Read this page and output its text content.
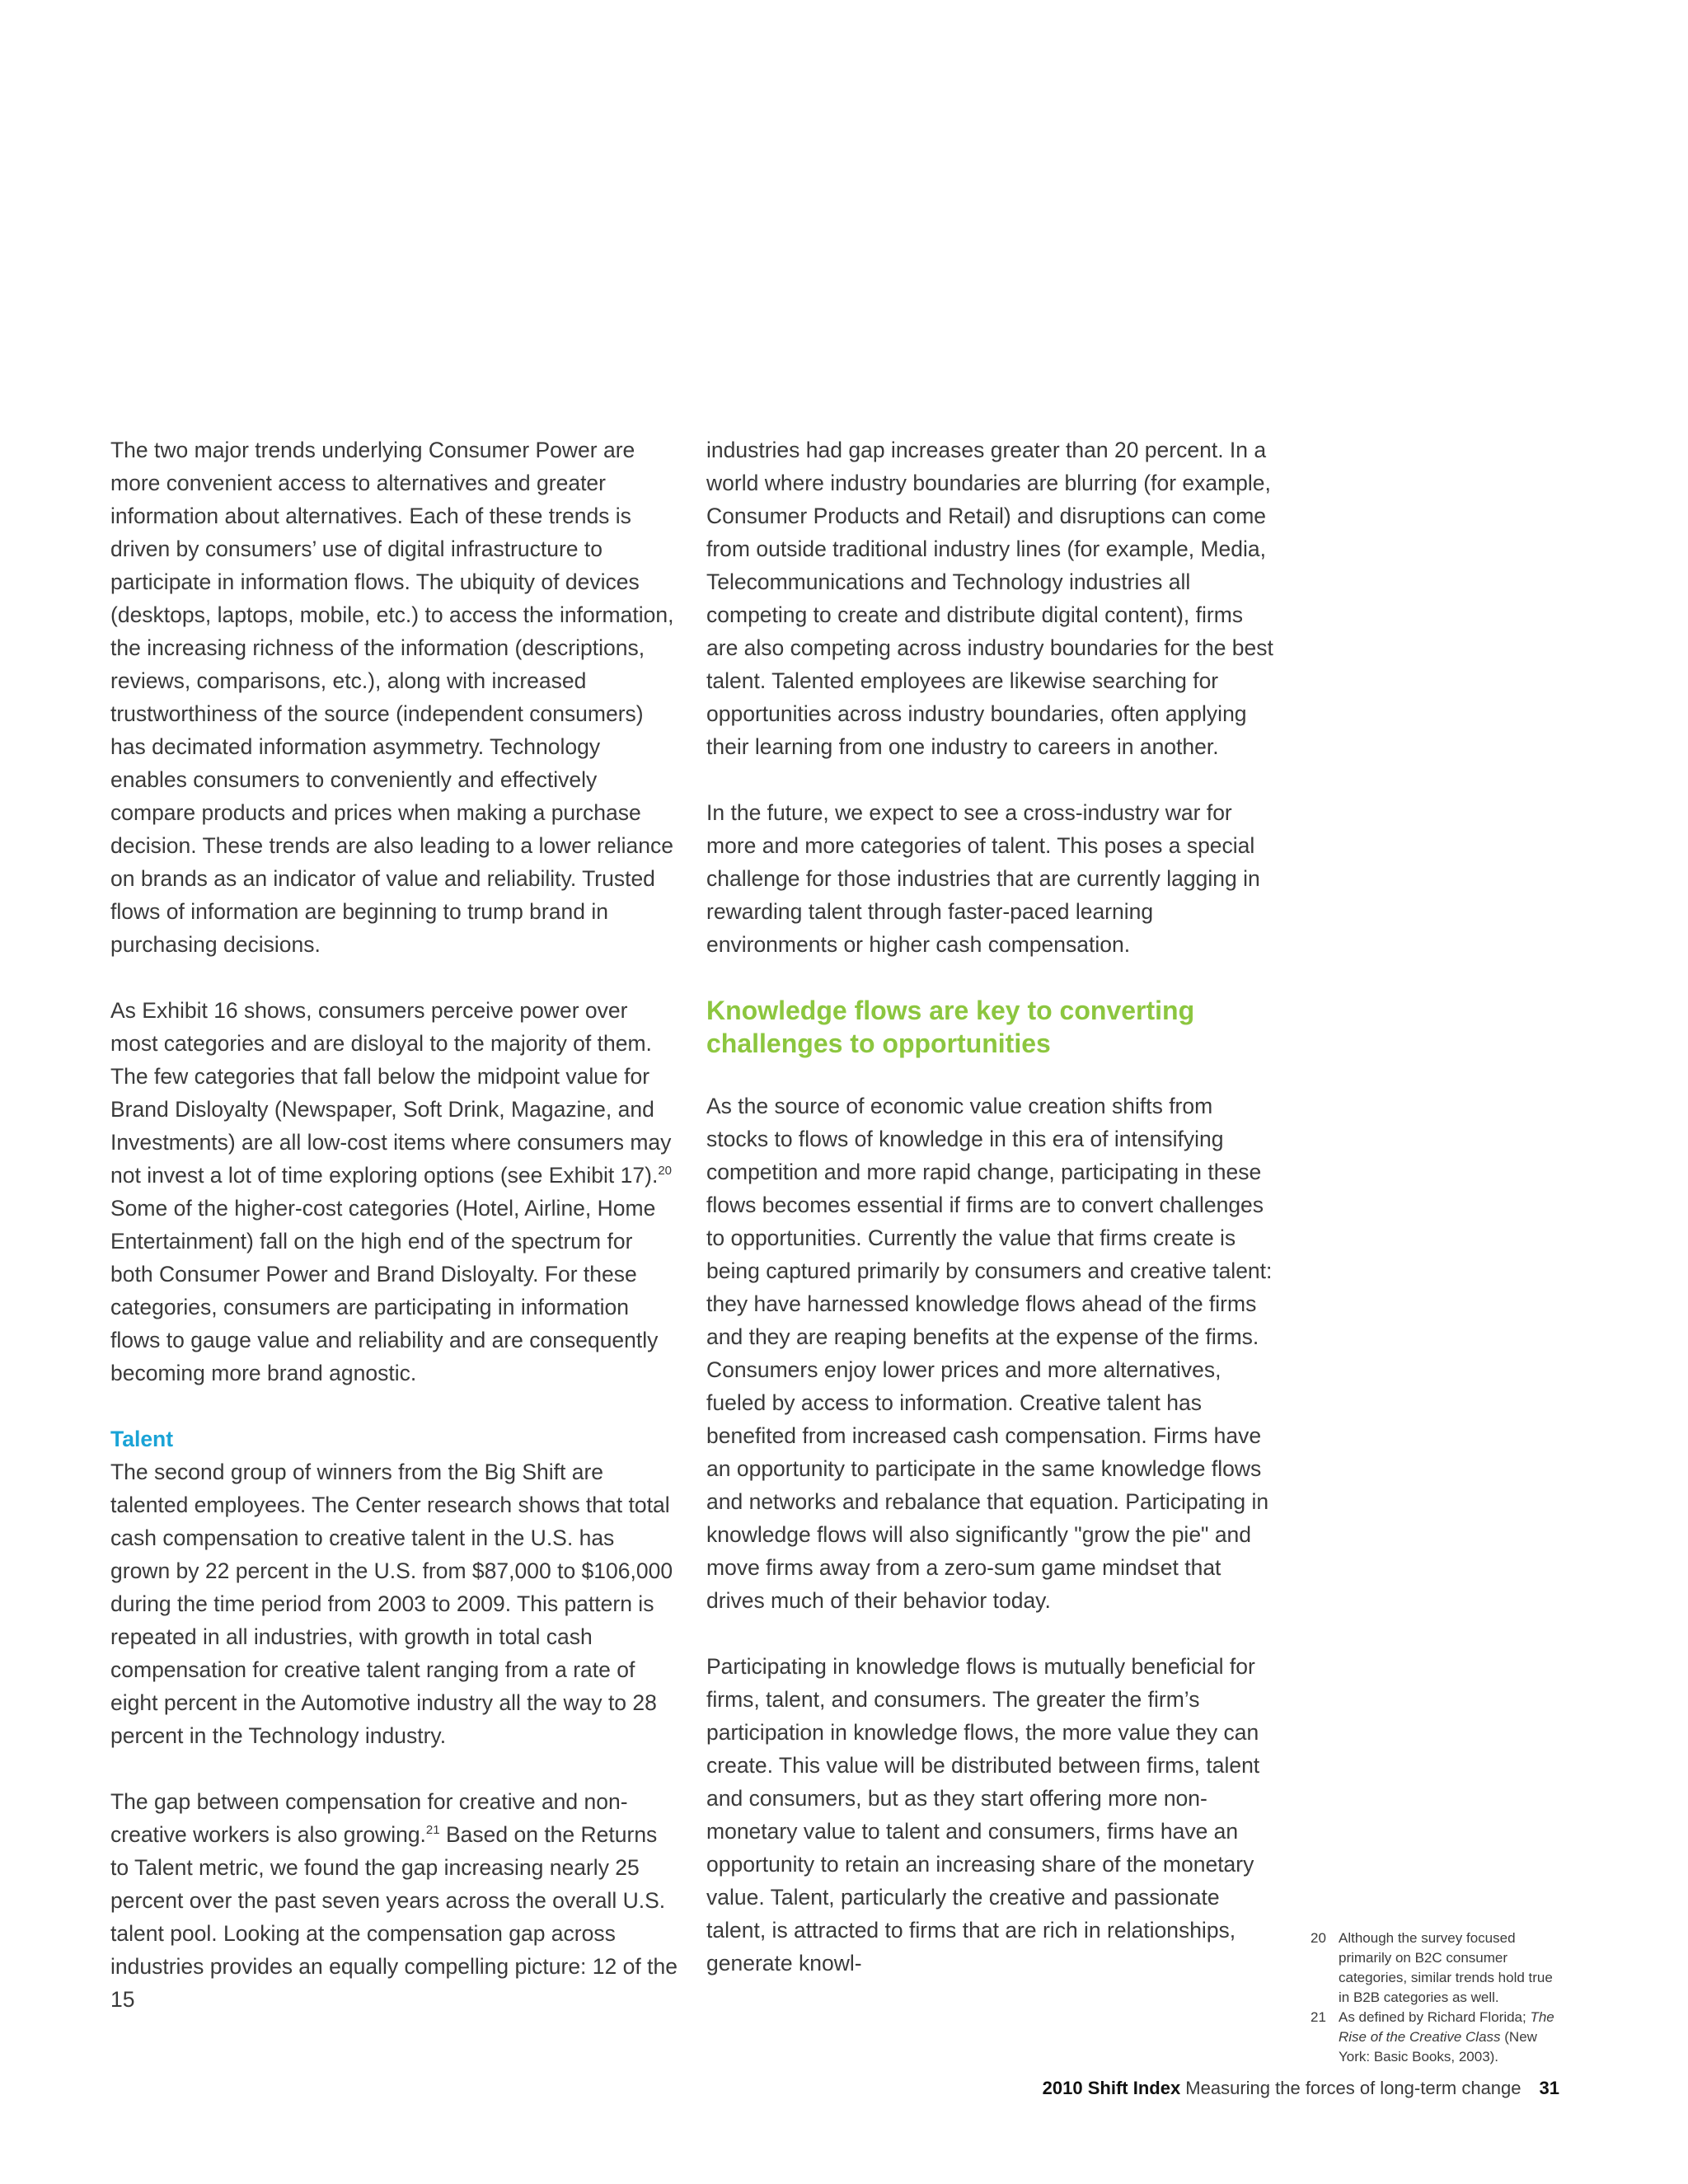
The two major trends underlying Consumer Power are more convenient access to alternatives and greater information about alternatives. Each of these trends is driven by consumers’ use of digital infrastructure to participate in information flows. The ubiquity of devices (desktops, laptops, mobile, etc.) to access the information, the increasing richness of the information (descriptions, reviews, comparisons, etc.), along with increased trustworthiness of the source (independent consumers) has decimated information asymmetry. Technology enables consumers to conveniently and effectively compare products and prices when making a purchase decision. These trends are also leading to a lower reliance on brands as an indicator of value and reliability. Trusted flows of information are beginning to trump brand in purchasing decisions.

As Exhibit 16 shows, consumers perceive power over most categories and are disloyal to the majority of them. The few categories that fall below the midpoint value for Brand Disloyalty (Newspaper, Soft Drink, Magazine, and Investments) are all low-cost items where consumers may not invest a lot of time exploring options (see Exhibit 17).$^{20}$ Some of the higher-cost categories (Hotel, Airline, Home Entertainment) fall on the high end of the spectrum for both Consumer Power and Brand Disloyalty. For these categories, consumers are participating in information flows to gauge value and reliability and are consequently becoming more brand agnostic.

Talent

The second group of winners from the Big Shift are talented employees. The Center research shows that total cash compensation to creative talent in the U.S. has grown by 22 percent in the U.S. from $87,000 to $106,000 during the time period from 2003 to 2009. This pattern is repeated in all industries, with growth in total cash compensation for creative talent ranging from a rate of eight percent in the Automotive industry all the way to 28 percent in the Technology industry.

The gap between compensation for creative and non-creative workers is also growing.$^{21}$ Based on the Returns to Talent metric, we found the gap increasing nearly 25 percent over the past seven years across the overall U.S. talent pool. Looking at the compensation gap across industries provides an equally compelling picture: 12 of the 15

industries had gap increases greater than 20 percent. In a world where industry boundaries are blurring (for example, Consumer Products and Retail) and disruptions can come from outside traditional industry lines (for example, Media, Telecommunications and Technology industries all competing to create and distribute digital content), firms are also competing across industry boundaries for the best talent. Talented employees are likewise searching for opportunities across industry boundaries, often applying their learning from one industry to careers in another.

In the future, we expect to see a cross-industry war for more and more categories of talent. This poses a special challenge for those industries that are currently lagging in rewarding talent through faster-paced learning environments or higher cash compensation.

Knowledge flows are key to converting challenges to opportunities

As the source of economic value creation shifts from stocks to flows of knowledge in this era of intensifying competition and more rapid change, participating in these flows becomes essential if firms are to convert challenges to opportunities. Currently the value that firms create is being captured primarily by consumers and creative talent: they have harnessed knowledge flows ahead of the firms and they are reaping benefits at the expense of the firms. Consumers enjoy lower prices and more alternatives, fueled by access to information. Creative talent has benefited from increased cash compensation. Firms have an opportunity to participate in the same knowledge flows and networks and rebalance that equation. Participating in knowledge flows will also significantly "grow the pie" and move firms away from a zero-sum game mindset that drives much of their behavior today.

Participating in knowledge flows is mutually beneficial for firms, talent, and consumers. The greater the firm’s participation in knowledge flows, the more value they can create. This value will be distributed between firms, talent and consumers, but as they start offering more non-monetary value to talent and consumers, firms have an opportunity to retain an increasing share of the monetary value. Talent, particularly the creative and passionate talent, is attracted to firms that are rich in relationships, generate knowl-

20 Although the survey focused primarily on B2C consumer categories, similar trends hold true in B2B categories as well.
21 As defined by Richard Florida; The Rise of the Creative Class (New York: Basic Books, 2003).
2010 Shift Index Measuring the forces of long-term change 31
